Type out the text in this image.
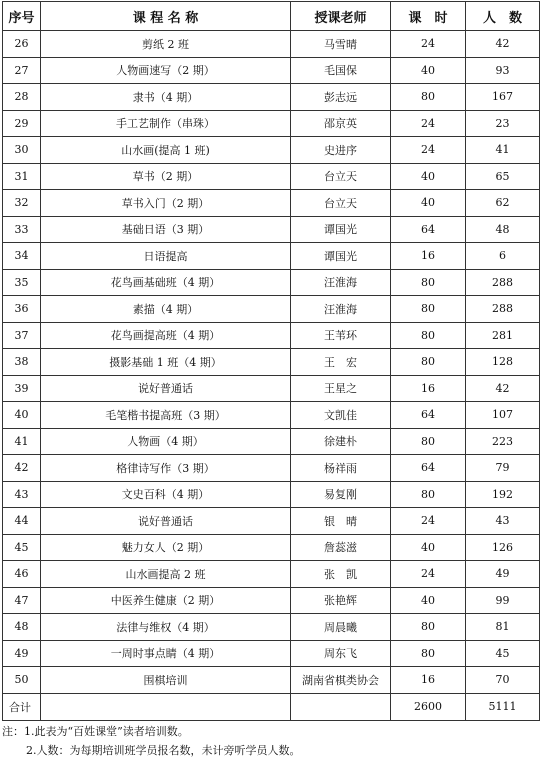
序号	课 程 名 称	授课老师	课　时	人　数
26	剪纸 2 班	马雪晴	24	42
27	人物画速写（2 期）	毛国保	40	93
28	隶书（4 期）	彭志远	80	167
29	手工艺制作（串珠）	邵京英	24	23
30	山水画(提高 1 班)	史进序	24	41
31	草书（2 期）	台立天	40	65
32	草书入门（2 期）	台立天	40	62
33	基础日语（3 期）	谭国光	64	48
34	日语提高	谭国光	16	6
35	花鸟画基础班（4 期）	汪淮海	80	288
36	素描（4 期）	汪淮海	80	288
37	花鸟画提高班（4 期）	王苇环	80	281
38	摄影基础 1 班（4 期）	王　宏	80	128
39	说好普通话	王星之	16	42
40	毛笔楷书提高班（3 期）	文凯佳	64	107
41	人物画（4 期）	徐建朴	80	223
42	格律诗写作（3 期）	杨祥雨	64	79
43	文史百科（4 期）	易复刚	80	192
44	说好普通话	银　晴	24	43
45	魅力女人（2 期）	詹蕊滋	40	126
46	山水画提高 2 班	张　凯	24	49
47	中医养生健康（2 期）	张艳辉	40	99
48	法律与维权（4 期）	周晨曦	80	81
49	一周时事点睛（4 期）	周东飞	80	45
50	围棋培训	湖南省棋类协会	16	70
合计			2600	5111
注：1.此表为“百姓课堂”读者培训数。
2.人数：为每期培训班学员报名数，未计旁听学员人数。
